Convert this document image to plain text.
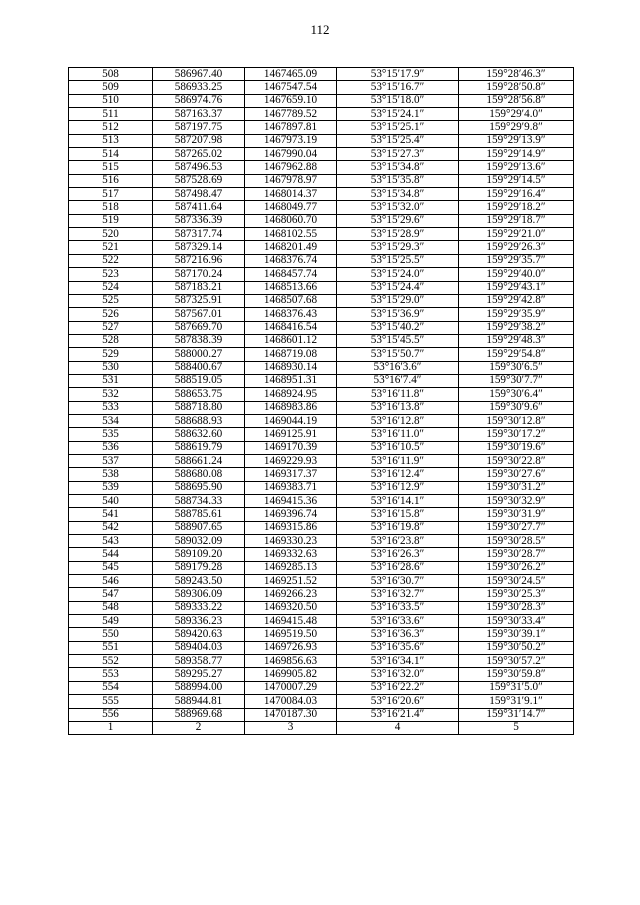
112
508	586967.40	1467465.09	53°15′17.9″	159°28′46.3″
509	586933.25	1467547.54	53°15′16.7″	159°28′50.8″
510	586974.76	1467659.10	53°15′18.0″	159°28′56.8″
511	587163.37	1467789.52	53°15′24.1″	159°29′4.0″
512	587197.75	1467897.81	53°15′25.1″	159°29′9.8″
513	587207.98	1467973.19	53°15′25.4″	159°29′13.9″
514	587265.02	1467990.04	53°15′27.3″	159°29′14.9″
515	587496.53	1467962.88	53°15′34.8″	159°29′13.6″
516	587528.69	1467978.97	53°15′35.8″	159°29′14.5″
517	587498.47	1468014.37	53°15′34.8″	159°29′16.4″
518	587411.64	1468049.77	53°15′32.0″	159°29′18.2″
519	587336.39	1468060.70	53°15′29.6″	159°29′18.7″
520	587317.74	1468102.55	53°15′28.9″	159°29′21.0″
521	587329.14	1468201.49	53°15′29.3″	159°29′26.3″
522	587216.96	1468376.74	53°15′25.5″	159°29′35.7″
523	587170.24	1468457.74	53°15′24.0″	159°29′40.0″
524	587183.21	1468513.66	53°15′24.4″	159°29′43.1″
525	587325.91	1468507.68	53°15′29.0″	159°29′42.8″
526	587567.01	1468376.43	53°15′36.9″	159°29′35.9″
527	587669.70	1468416.54	53°15′40.2″	159°29′38.2″
528	587838.39	1468601.12	53°15′45.5″	159°29′48.3″
529	588000.27	1468719.08	53°15′50.7″	159°29′54.8″
530	588400.67	1468930.14	53°16′3.6″	159°30′6.5″
531	588519.05	1468951.31	53°16′7.4″	159°30′7.7″
532	588653.75	1468924.95	53°16′11.8″	159°30′6.4″
533	588718.80	1468983.86	53°16′13.8″	159°30′9.6″
534	588688.93	1469044.19	53°16′12.8″	159°30′12.8″
535	588632.60	1469125.91	53°16′11.0″	159°30′17.2″
536	588619.79	1469170.39	53°16′10.5″	159°30′19.6″
537	588661.24	1469229.93	53°16′11.9″	159°30′22.8″
538	588680.08	1469317.37	53°16′12.4″	159°30′27.6″
539	588695.90	1469383.71	53°16′12.9″	159°30′31.2″
540	588734.33	1469415.36	53°16′14.1″	159°30′32.9″
541	588785.61	1469396.74	53°16′15.8″	159°30′31.9″
542	588907.65	1469315.86	53°16′19.8″	159°30′27.7″
543	589032.09	1469330.23	53°16′23.8″	159°30′28.5″
544	589109.20	1469332.63	53°16′26.3″	159°30′28.7″
545	589179.28	1469285.13	53°16′28.6″	159°30′26.2″
546	589243.50	1469251.52	53°16′30.7″	159°30′24.5″
547	589306.09	1469266.23	53°16′32.7″	159°30′25.3″
548	589333.22	1469320.50	53°16′33.5″	159°30′28.3″
549	589336.23	1469415.48	53°16′33.6″	159°30′33.4″
550	589420.63	1469519.50	53°16′36.3″	159°30′39.1″
551	589404.03	1469726.93	53°16′35.6″	159°30′50.2″
552	589358.77	1469856.63	53°16′34.1″	159°30′57.2″
553	589295.27	1469905.82	53°16′32.0″	159°30′59.8″
554	588994.00	1470007.29	53°16′22.2″	159°31′5.0″
555	588944.81	1470084.03	53°16′20.6″	159°31′9.1″
556	588969.68	1470187.30	53°16′21.4″	159°31′14.7″
1	2	3	4	5
